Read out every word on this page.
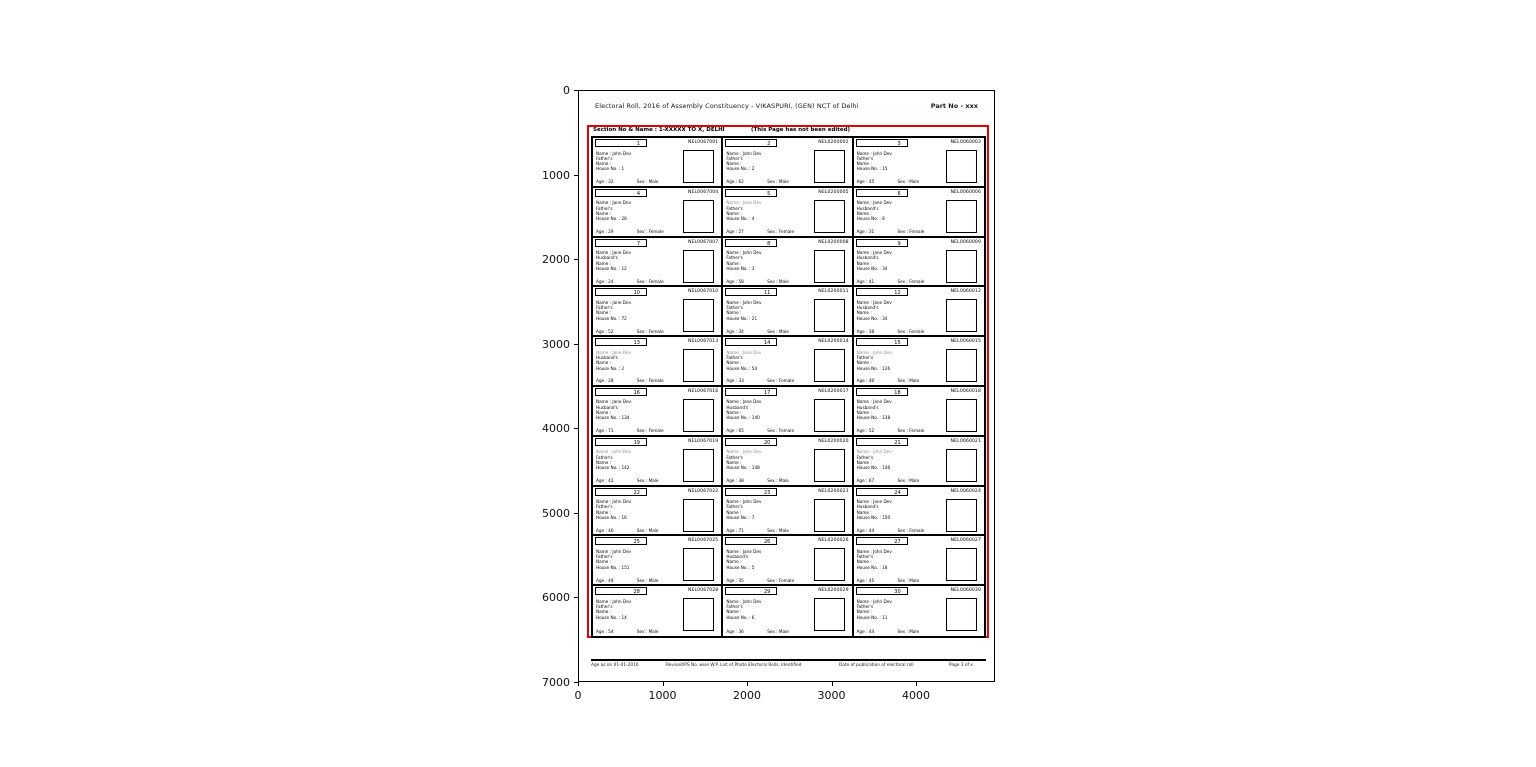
0	1000	2000	3000	4000
0
1000
2000
3000
4000
5000
6000
7000
Electoral Roll, 2016 of Assembly Constituency - VIKASPURI, (GEN) NCT of Delhi	Part No - xxx
Section No & Name : 1-XXXXX TO X, DELHI	(This Page has not been edited)
1	NEL0067001
Name : John Dev
Father's
Name :
House No. : 1
Age : 32	Sex : Male
2	NEL0200002
Name : John Dev
Father's
Name :
House No. : 2
Age : 62	Sex : Male
3	NEL0060003
Name : John Dev
Father's
Name :
House No. : 15
Age : 45	Sex : Male
4	NEL0067004
Name : Jane Dev
Father's
Name :
House No. : 26
Age : 29	Sex : Female
5	NEL0200005
Name : Jane Dev
Father's
Name :
House No. : 4
Age : 27	Sex : Female
6	NEL0060006
Name : Jane Dev
Husband's
Name :
House No. : 8
Age : 31	Sex : Female
7	NEL0067007
Name : Jane Dev
Husband's
Name :
House No. : 12
Age : 24	Sex : Female
8	NEL0200008
Name : John Dev
Father's
Name :
House No. : 3
Age : 58	Sex : Male
9	NEL0060009
Name : Jane Dev
Husband's
Name :
House No. : 34
Age : 41	Sex : Female
10	NEL0067010
Name : Jane Dev
Father's
Name :
House No. : 72
Age : 52	Sex : Female
11	NEL0200011
Name : John Dev
Father's
Name :
House No. : 21
Age : 34	Sex : Male
12	NEL0060012
Name : Jane Dev
Husband's
Name :
House No. : 34
Age : 38	Sex : Female
13	NEL0067013
Name : Jane Dev
Husband's
Name :
House No. : 2
Age : 28	Sex : Female
14	NEL0200014
Name : Jane Dev
Father's
Name :
House No. : 54
Age : 33	Sex : Female
15	NEL0060015
Name : John Dev
Father's
Name :
House No. : 126
Age : 46	Sex : Male
16	NEL0067016
Name : Jane Dev
Husband's
Name :
House No. : 134
Age : 71	Sex : Female
17	NEL0200017
Name : Jane Dev
Husband's
Name :
House No. : 140
Age : 65	Sex : Female
18	NEL0060018
Name : Jane Dev
Husband's
Name :
House No. : 138
Age : 52	Sex : Female
19	NEL0067019
Name : John Dev
Father's
Name :
House No. : 142
Age : 42	Sex : Male
20	NEL0200020
Name : John Dev
Father's
Name :
House No. : 148
Age : 38	Sex : Male
21	NEL0060021
Name : John Dev
Father's
Name :
House No. : 146
Age : 67	Sex : Male
22	NEL0067022
Name : John Dev
Father's
Name :
House No. : 16
Age : 46	Sex : Male
23	NEL0200023
Name : John Dev
Father's
Name :
House No. : 7
Age : 71	Sex : Male
24	NEL0060024
Name : Jane Dev
Husband's
Name :
House No. : 150
Age : 44	Sex : Female
25	NEL0067025
Name : John Dev
Father's
Name :
House No. : 151
Age : 49	Sex : Male
26	NEL0200026
Name : Jane Dev
Husband's
Name :
House No. : 5
Age : 35	Sex : Female
27	NEL0060027
Name : John Dev
Father's
Name :
House No. : 18
Age : 45	Sex : Male
28	NEL0067028
Name : John Dev
Father's
Name :
House No. : 14
Age : 54	Sex : Male
29	NEL0200029
Name : John Dev
Father's
Name :
House No. : 6
Age : 36	Sex : Male
30	NEL0060030
Name : John Dev
Father's
Name :
House No. : 11
Age : 44	Sex : Male
Age as on 01-01-2016	Revised/PS No. wise W.P. List of Photo Electoral Rolls, Identified	Date of publication of electoral roll	Page 3 of x
